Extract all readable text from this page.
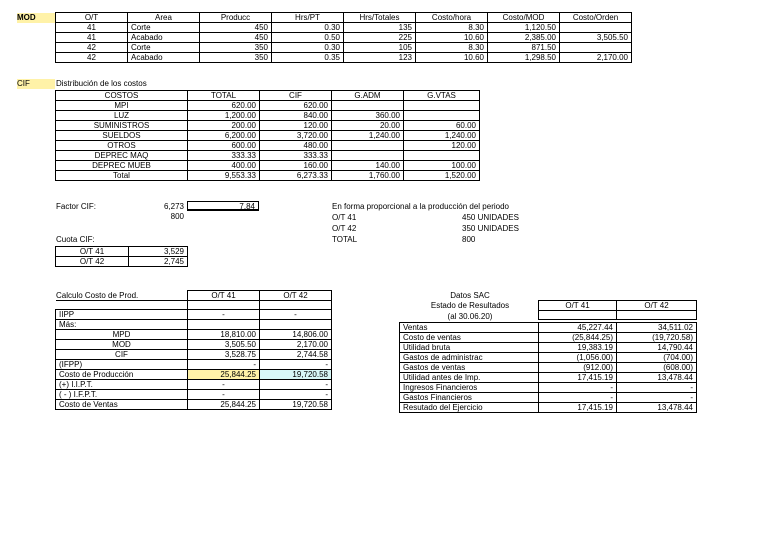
MOD	O/T	Area	Producc	Hrs/PT	Hrs/Totales	Costo/hora	Costo/MOD	Costo/Orden
41	Corte	450	0.30	135	8.30	1,120.50	
41	Acabado	450	0.50	225	10.60	2,385.00	3,505.50
42	Corte	350	0.30	105	8.30	871.50	
42	Acabado	350	0.35	123	10.60	1,298.50	2,170.00
CIF	Distribución de los costos
COSTOS	TOTAL	CIF	G.ADM	G.VTAS
MPI	620.00	620.00		
LUZ	1,200.00	840.00	360.00	
SUMINISTROS	200.00	120.00	20.00	60.00
SUELDOS	6,200.00	3,720.00	1,240.00	1,240.00
OTROS	600.00	480.00		120.00
DEPREC MAQ	333.33	333.33		
DEPREC MUEB	400.00	160.00	140.00	100.00
Total	9,553.33	6,273.33	1,760.00	1,520.00
Factor CIF:	6,273	7.84
800
En forma proporcional a la producción del periodo
O/T 41	450 UNIDADES
O/T 42	350 UNIDADES
TOTAL	800
Cuota CIF:
O/T 41	3,529
O/T 42	2,745
Calculo Costo de Prod.
		O/T 41	O/T 42

IIPP	-	-
Más:		
MPD	18,810.00	14,806.00
MOD	3,505.50	2,170.00
CIF	3,528.75	2,744.58
(IFPP)	-	-
Costo de Producción	25,844.25	19,720.58
(+) I.I.P.T.	-	-
( - ) I.F.P.T.	-	-
Costo de Ventas	25,844.25	19,720.58
Datos SAC
Estado de Resultados
(al 30.06.20)
O/T 41	O/T 42

Ventas	45,227.44	34,511.02
Costo de ventas	(25,844.25)	(19,720.58)
Utilidad bruta	19,383.19	14,790.44
Gastos de administrac	(1,056.00)	(704.00)
Gastos de ventas	(912.00)	(608.00)
Utilidad antes de Imp.	17,415.19	13,478.44
Ingresos Financieros	-	-
Gastos Financieros	-	-
Resutado del Ejercicio	17,415.19	13,478.44
